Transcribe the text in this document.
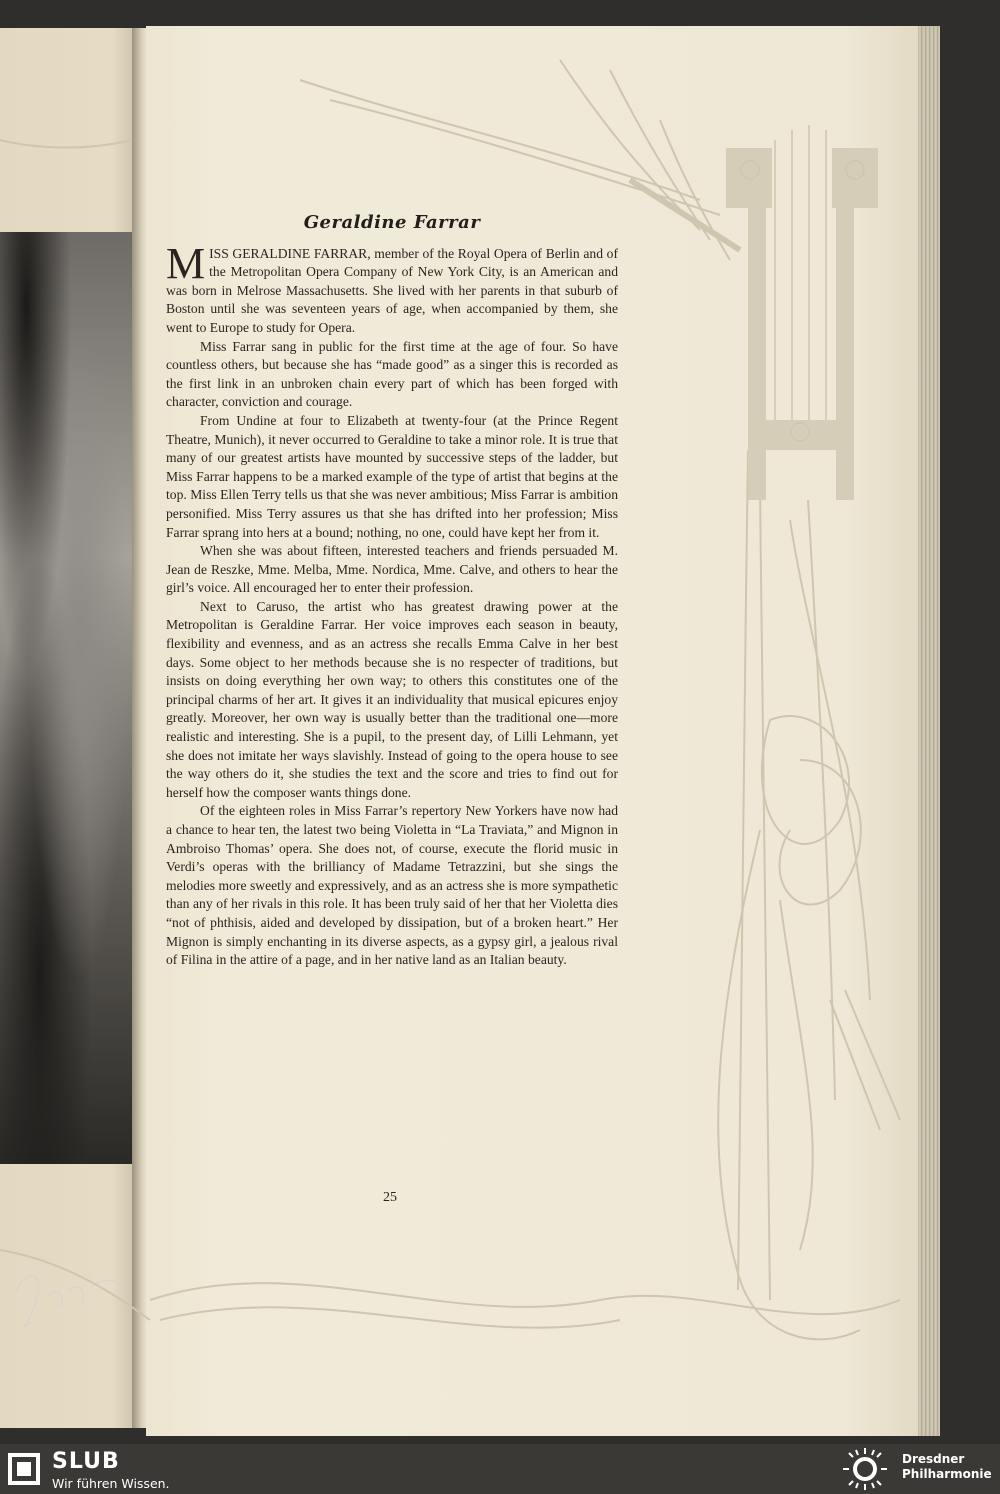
Geraldine Farrar

MISS GERALDINE FARRAR, member of the Royal Opera of Berlin and of the Metropolitan Opera Company of New York City, is an American and was born in Melrose Massachusetts. She lived with her parents in that suburb of Boston until she was seventeen years of age, when accompanied by them, she went to Europe to study for Opera.

Miss Farrar sang in public for the first time at the age of four. So have countless others, but because she has “made good” as a singer this is recorded as the first link in an unbroken chain every part of which has been forged with character, conviction and courage.

From Undine at four to Elizabeth at twenty-four (at the Prince Regent Theatre, Munich), it never occurred to Geraldine to take a minor role. It is true that many of our greatest artists have mounted by successive steps of the ladder, but Miss Farrar happens to be a marked example of the type of artist that begins at the top. Miss Ellen Terry tells us that she was never ambitious; Miss Farrar is ambition personified. Miss Terry assures us that she has drifted into her profession; Miss Farrar sprang into hers at a bound; nothing, no one, could have kept her from it.

When she was about fifteen, interested teachers and friends persuaded M. Jean de Reszke, Mme. Melba, Mme. Nordica, Mme. Calve, and others to hear the girl’s voice. All encouraged her to enter their profession.

Next to Caruso, the artist who has greatest drawing power at the Metropolitan is Geraldine Farrar. Her voice improves each season in beauty, flexibility and evenness, and as an actress she recalls Emma Calve in her best days. Some object to her methods because she is no respecter of traditions, but insists on doing everything her own way; to others this constitutes one of the principal charms of her art. It gives it an individuality that musical epicures enjoy greatly. Moreover, her own way is usually better than the traditional one—more realistic and interesting. She is a pupil, to the present day, of Lilli Lehmann, yet she does not imitate her ways slavishly. Instead of going to the opera house to see the way others do it, she studies the text and the score and tries to find out for herself how the composer wants things done.

Of the eighteen roles in Miss Farrar’s repertory New Yorkers have now had a chance to hear ten, the latest two being Violetta in “La Traviata,” and Mignon in Ambroiso Thomas’ opera. She does not, of course, execute the florid music in Verdi’s operas with the brilliancy of Madame Tetrazzini, but she sings the melodies more sweetly and expressively, and as an actress she is more sympathetic than any of her rivals in this role. It has been truly said of her that her Violetta dies “not of phthisis, aided and developed by dissipation, but of a broken heart.” Her Mignon is simply enchanting in its diverse aspects, as a gypsy girl, a jealous rival of Filina in the attire of a page, and in her native land as an Italian beauty.

25
SLUB
Wir führen Wissen.
Dresdner
Philharmonie
